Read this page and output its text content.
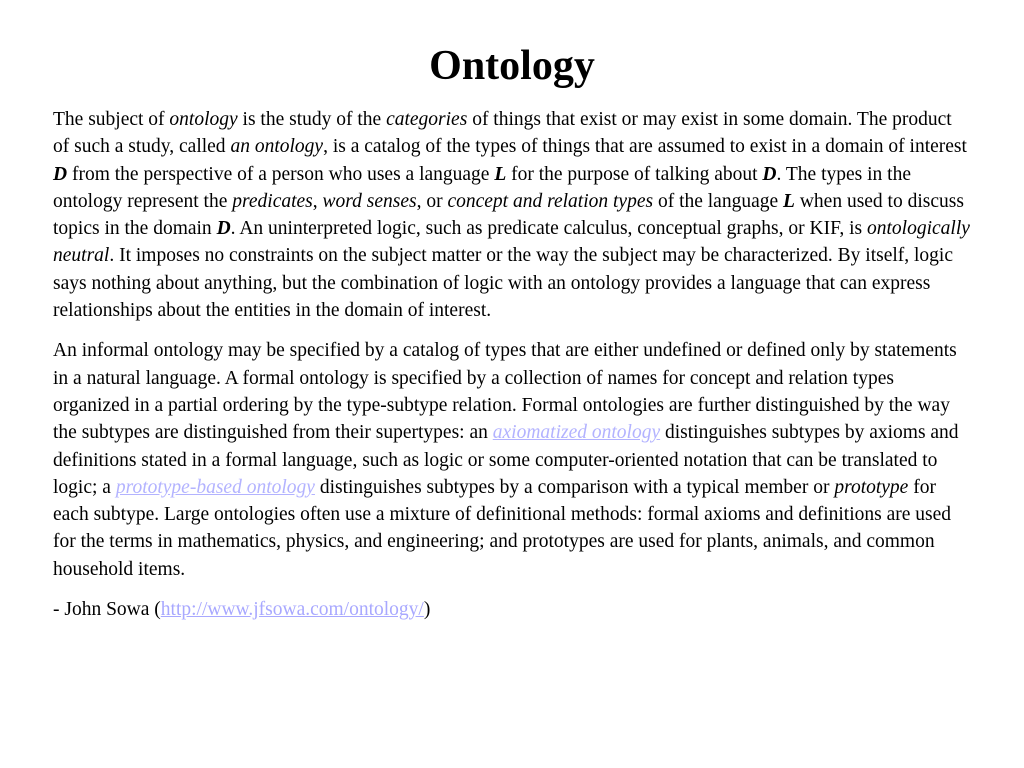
Ontology

The subject of ontology is the study of the categories of things that exist or may exist in some domain. The product of such a study, called an ontology, is a catalog of the types of things that are assumed to exist in a domain of interest D from the perspective of a person who uses a language L for the purpose of talking about D. The types in the ontology represent the predicates, word senses, or concept and relation types of the language L when used to discuss topics in the domain D. An uninterpreted logic, such as predicate calculus, conceptual graphs, or KIF, is ontologically neutral. It imposes no constraints on the subject matter or the way the subject may be characterized. By itself, logic says nothing about anything, but the combination of logic with an ontology provides a language that can express relationships about the entities in the domain of interest.

An informal ontology may be specified by a catalog of types that are either undefined or defined only by statements in a natural language. A formal ontology is specified by a collection of names for concept and relation types organized in a partial ordering by the type-subtype relation. Formal ontologies are further distinguished by the way the subtypes are distinguished from their supertypes: an axiomatized ontology distinguishes subtypes by axioms and definitions stated in a formal language, such as logic or some computer-oriented notation that can be translated to logic; a prototype-based ontology distinguishes subtypes by a comparison with a typical member or prototype for each subtype. Large ontologies often use a mixture of definitional methods: formal axioms and definitions are used for the terms in mathematics, physics, and engineering; and prototypes are used for plants, animals, and common household items.

- John Sowa (http://www.jfsowa.com/ontology/)
